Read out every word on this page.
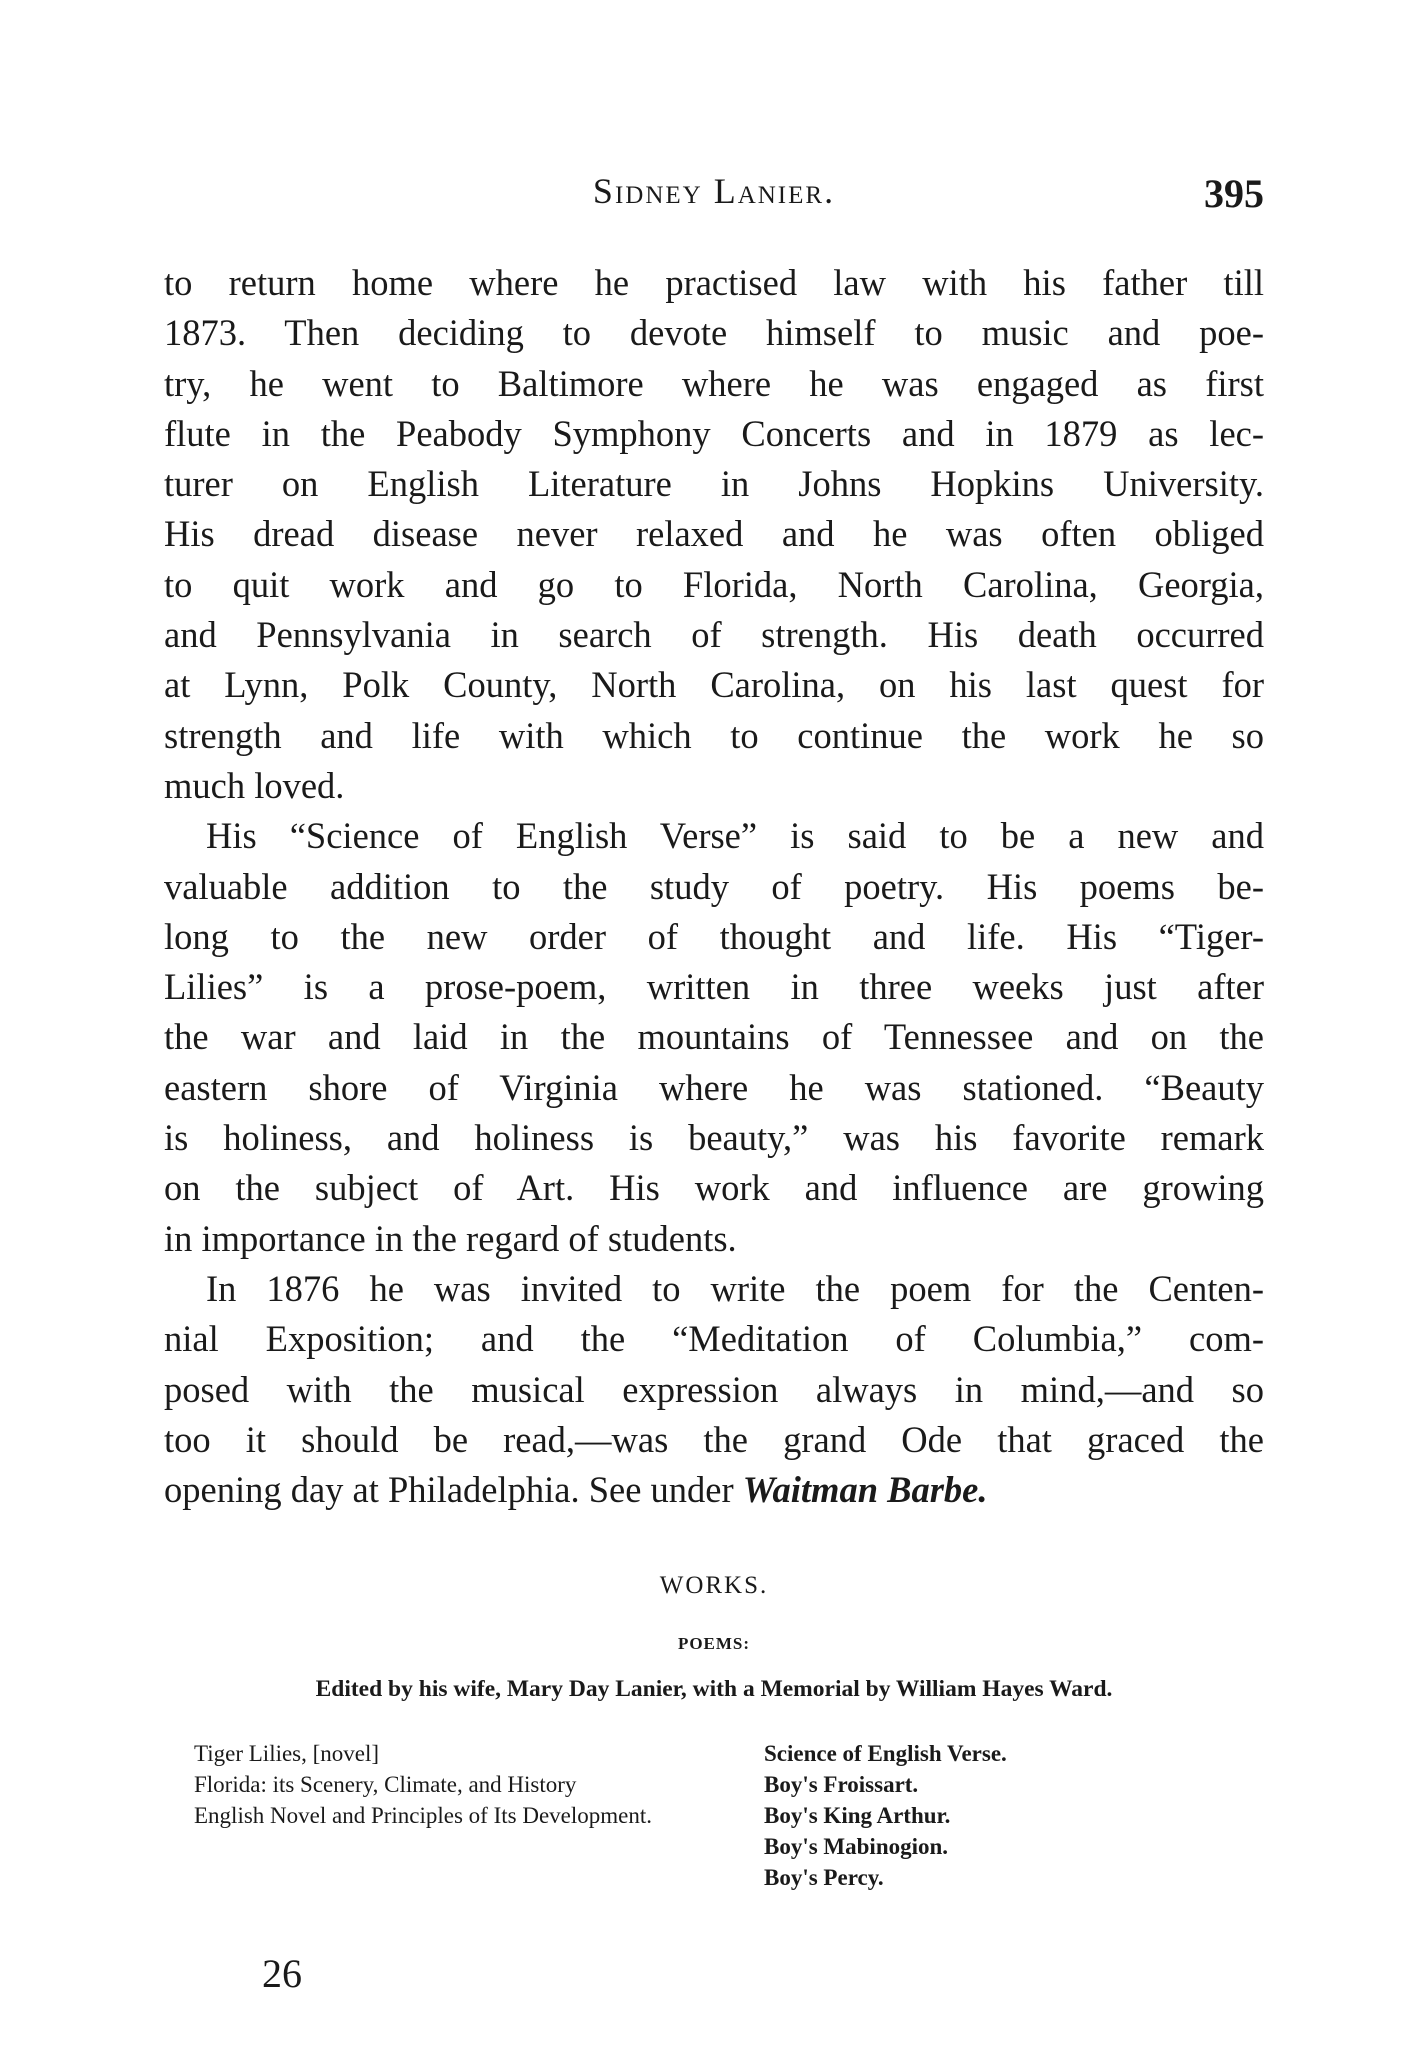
Sidney Lanier.	395
to return home where he practised law with his father till
1873. Then deciding to devote himself to music and poe-
try, he went to Baltimore where he was engaged as first
flute in the Peabody Symphony Concerts and in 1879 as lec-
turer on English Literature in Johns Hopkins University.
His dread disease never relaxed and he was often obliged
to quit work and go to Florida, North Carolina, Georgia,
and Pennsylvania in search of strength. His death occurred
at Lynn, Polk County, North Carolina, on his last quest for
strength and life with which to continue the work he so
much loved.
His “Science of English Verse” is said to be a new and
valuable addition to the study of poetry. His poems be-
long to the new order of thought and life. His “Tiger-
Lilies” is a prose-poem, written in three weeks just after
the war and laid in the mountains of Tennessee and on the
eastern shore of Virginia where he was stationed. “Beauty
is holiness, and holiness is beauty,” was his favorite remark
on the subject of Art. His work and influence are growing
in importance in the regard of students.
In 1876 he was invited to write the poem for the Centen-
nial Exposition; and the “Meditation of Columbia,” com-
posed with the musical expression always in mind,—and so
too it should be read,—was the grand Ode that graced the
opening day at Philadelphia. See under Waitman Barbe.
WORKS.
POEMS:
Edited by his wife, Mary Day Lanier, with a Memorial by William Hayes Ward.
Tiger Lilies, [novel]
Florida: its Scenery, Climate, and History
English Novel and Principles of Its Development.
Science of English Verse.
Boy's Froissart.
Boy's King Arthur.
Boy's Mabinogion.
Boy's Percy.
26
